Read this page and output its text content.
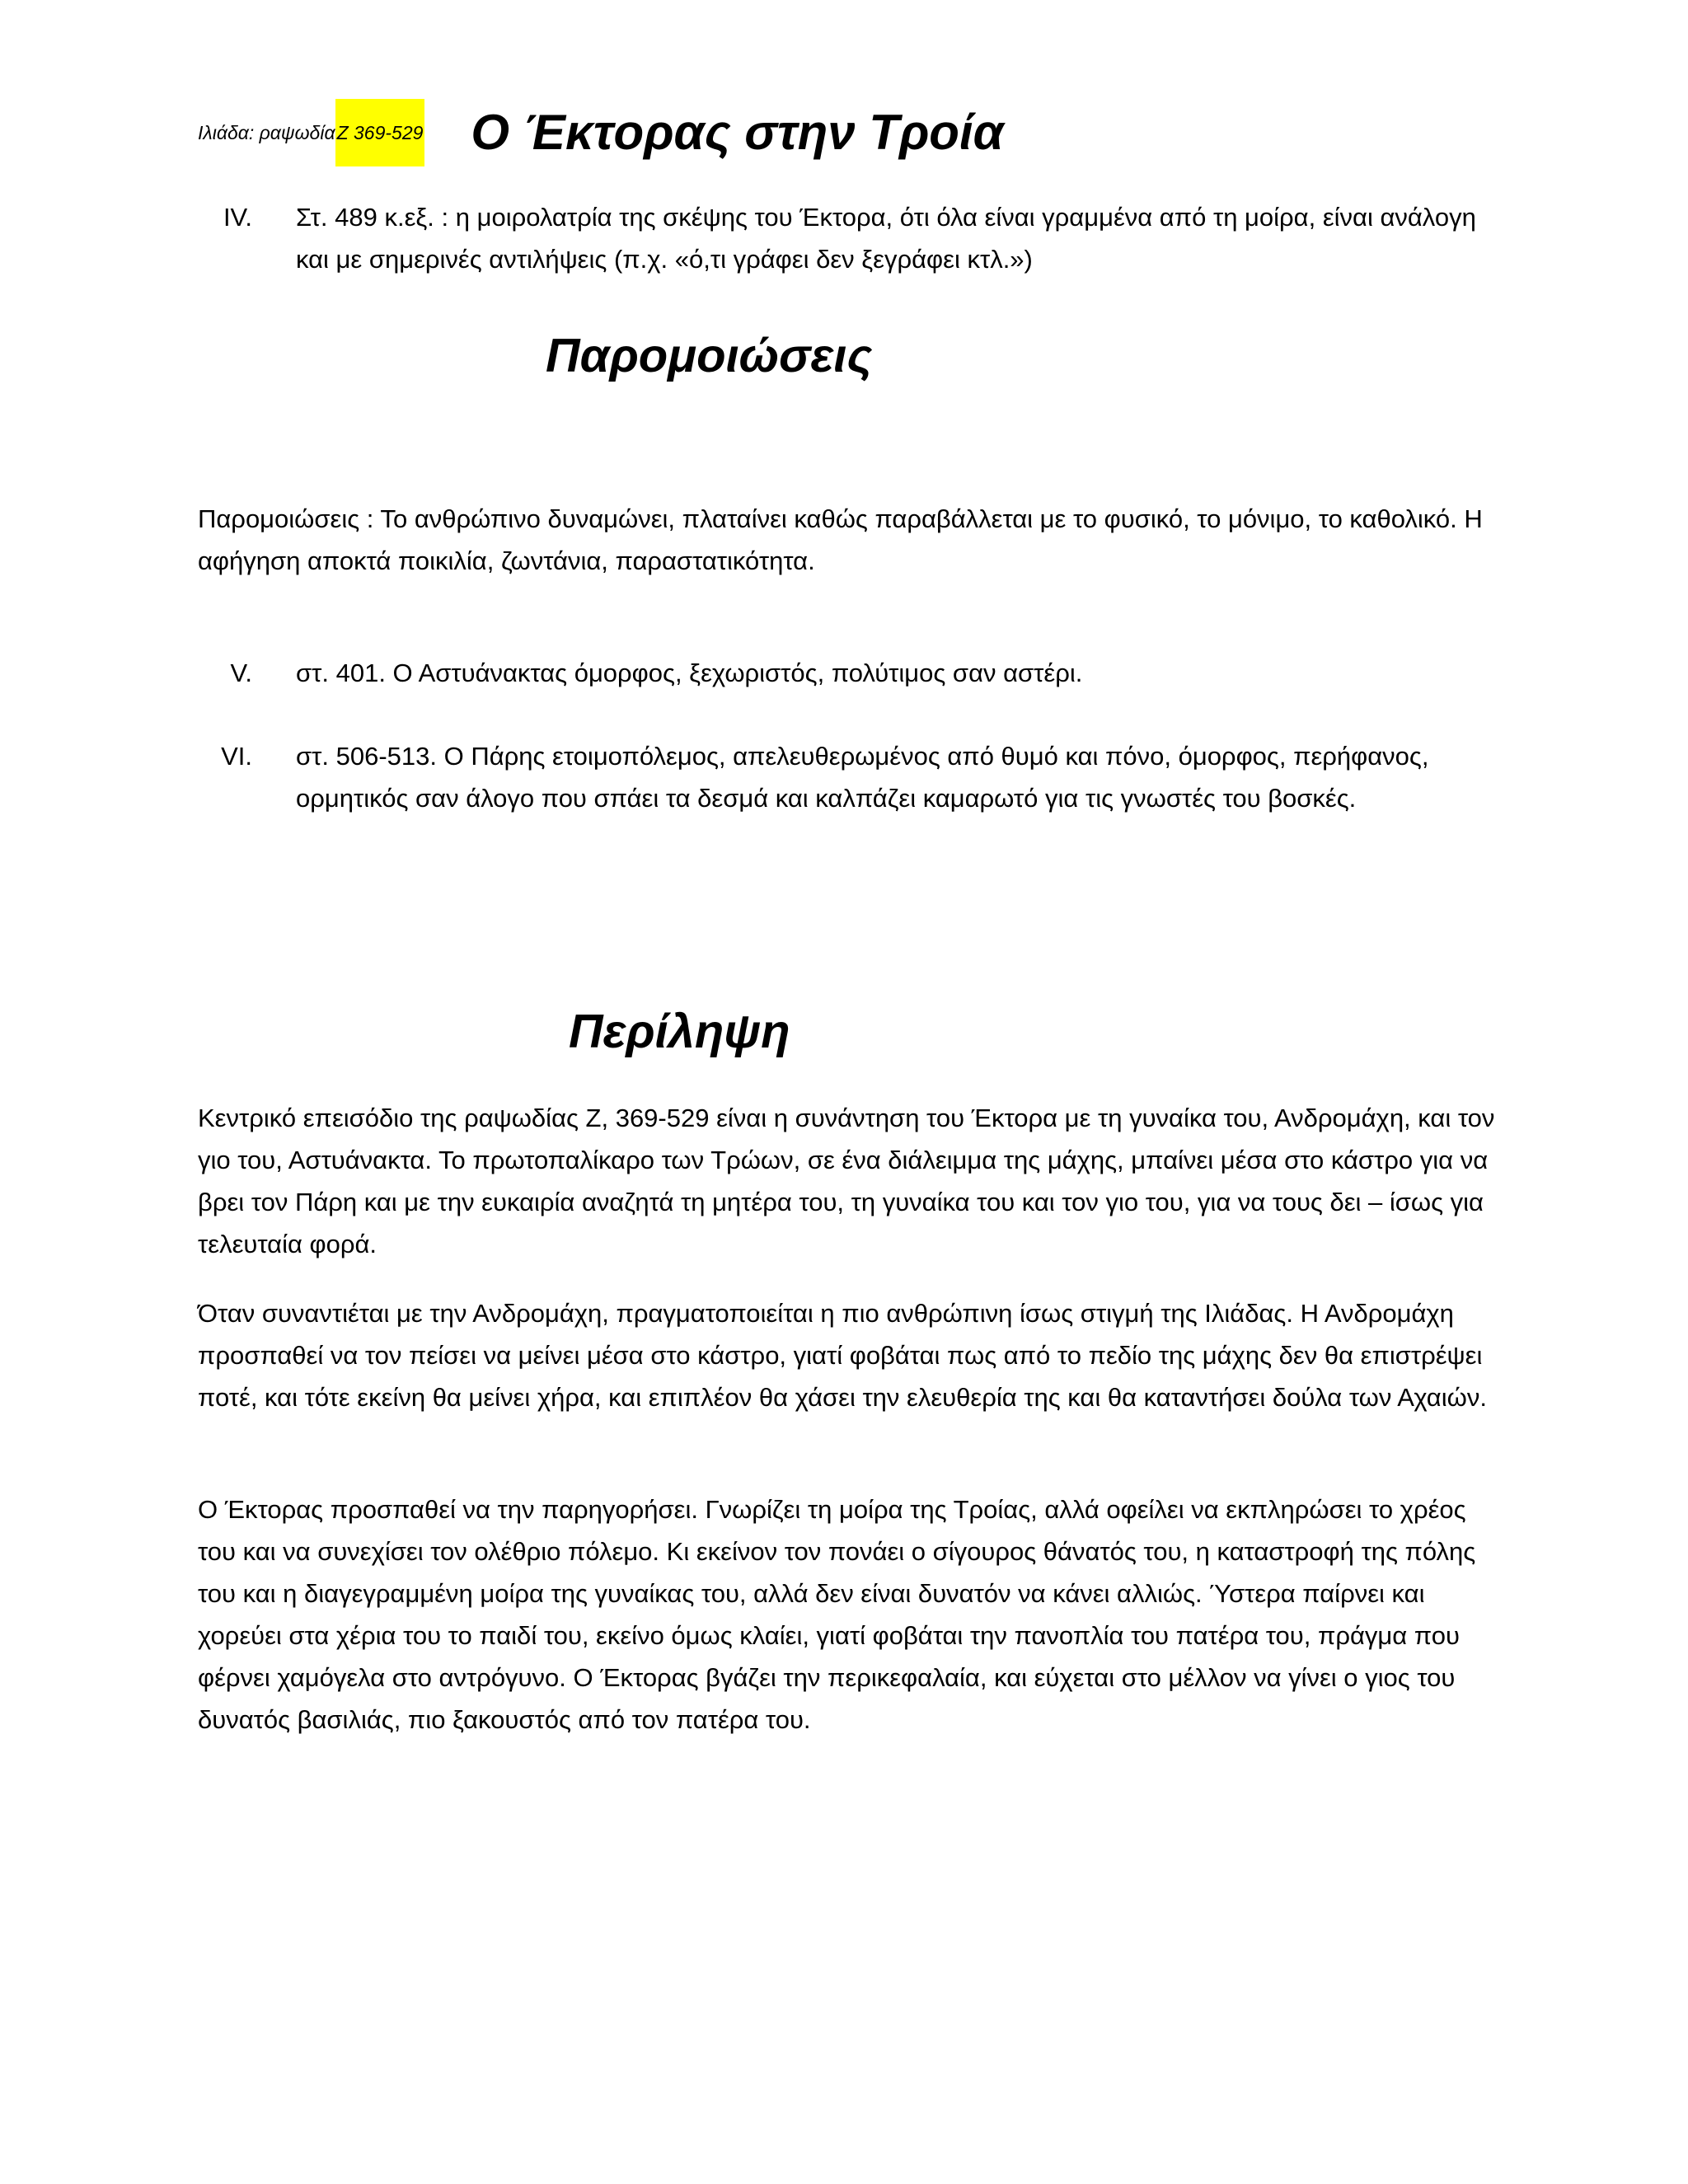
Ιλιάδα: ραψωδία Ζ 369-529 Ο Έκτορας στην Τροία
IV. Στ. 489 κ.εξ. : η μοιρολατρία της σκέψης του Έκτορα, ότι όλα είναι γραμμένα από τη μοίρα, είναι ανάλογη και με σημερινές αντιλήψεις (π.χ. «ό,τι γράφει δεν ξεγράφει κτλ.»)
Παρομοιώσεις

Παρομοιώσεις : Το ανθρώπινο δυναμώνει, πλαταίνει καθώς παραβάλλεται με το φυσικό, το μόνιμο, το καθολικό. Η αφήγηση αποκτά ποικιλία, ζωντάνια, παραστατικότητα.

V. στ. 401. Ο Αστυάνακτας όμορφος, ξεχωριστός, πολύτιμος σαν αστέρι.
VI. στ. 506-513. Ο Πάρης ετοιμοπόλεμος, απελευθερωμένος από θυμό και πόνο, όμορφος, περήφανος, ορμητικός σαν άλογο που σπάει τα δεσμά και καλπάζει καμαρωτό για τις γνωστές του βοσκές.
Περίληψη

Κεντρικό επεισόδιο της ραψωδίας Ζ, 369-529 είναι η συνάντηση του Έκτορα με τη γυναίκα του, Ανδρομάχη, και τον γιο του, Αστυάνακτα. Το πρωτοπαλίκαρο των Τρώων, σε ένα διάλειμμα της μάχης, μπαίνει μέσα στο κάστρο για να βρει τον Πάρη και με την ευκαιρία αναζητά τη μητέρα του, τη γυναίκα του και τον γιο του, για να τους δει – ίσως για τελευταία φορά.

Όταν συναντιέται με την Ανδρομάχη, πραγματοποιείται η πιο ανθρώπινη ίσως στιγμή της Ιλιάδας. Η Ανδρομάχη προσπαθεί να τον πείσει να μείνει μέσα στο κάστρο, γιατί φοβάται πως από το πεδίο της μάχης δεν θα επιστρέψει ποτέ, και τότε εκείνη θα μείνει χήρα, και επιπλέον θα χάσει την ελευθερία της και θα καταντήσει δούλα των Αχαιών.

Ο Έκτορας προσπαθεί να την παρηγορήσει. Γνωρίζει τη μοίρα της Τροίας, αλλά οφείλει να εκπληρώσει το χρέος του και να συνεχίσει τον ολέθριο πόλεμο. Κι εκείνον τον πονάει ο σίγουρος θάνατός του, η καταστροφή της πόλης του και η διαγεγραμμένη μοίρα της γυναίκας του, αλλά δεν είναι δυνατόν να κάνει αλλιώς. Ύστερα παίρνει και χορεύει στα χέρια του το παιδί του, εκείνο όμως κλαίει, γιατί φοβάται την πανοπλία του πατέρα του, πράγμα που φέρνει χαμόγελα στο αντρόγυνο. Ο Έκτορας βγάζει την περικεφαλαία, και εύχεται στο μέλλον να γίνει ο γιος του δυνατός βασιλιάς, πιο ξακουστός από τον πατέρα του.
